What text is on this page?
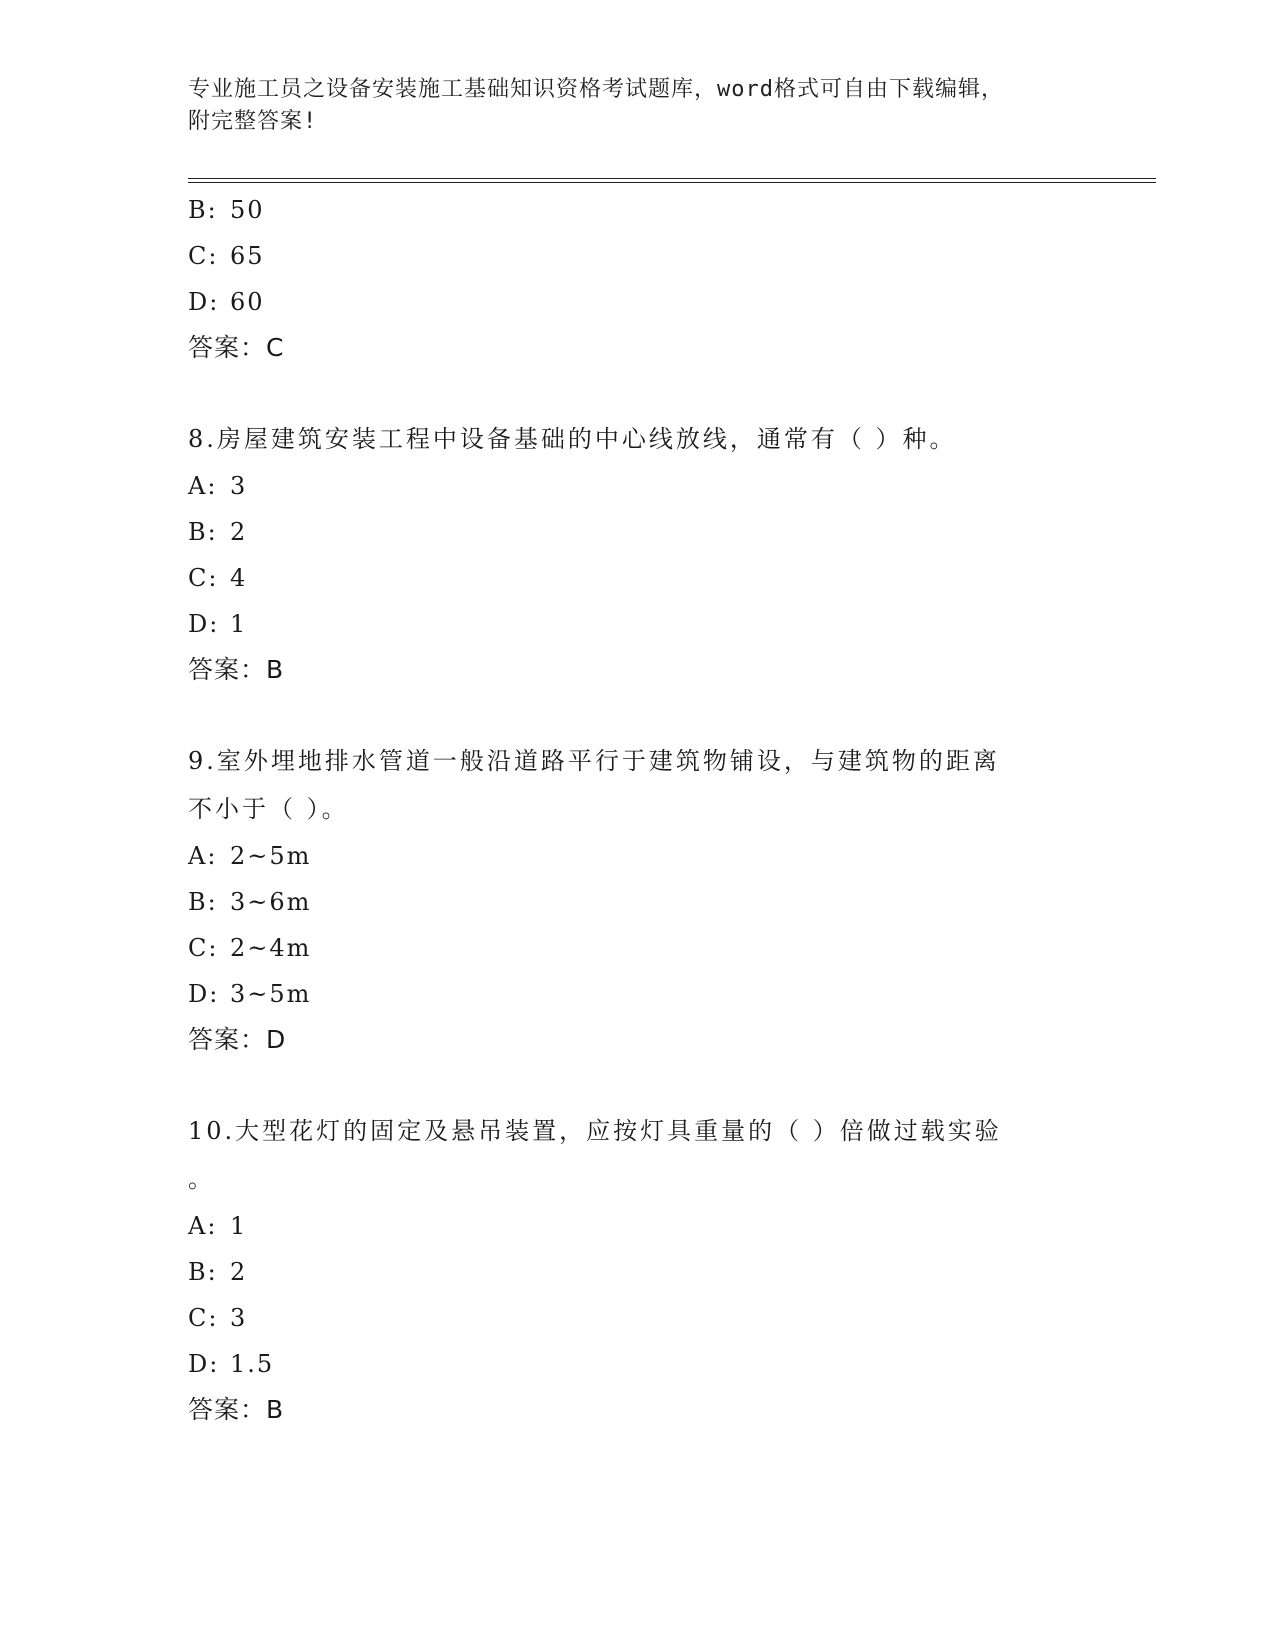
专业施工员之设备安装施工基础知识资格考试题库，word格式可自由下载编辑，
附完整答案!
B: 50
C: 65
D: 60
答案：C
8.房屋建筑安装工程中设备基础的中心线放线，通常有（ ）种。
A: 3
B: 2
C: 4
D: 1
答案：B
9.室外埋地排水管道一般沿道路平行于建筑物铺设，与建筑物的距离
不小于（ ）。
A: 2~5m
B: 3~6m
C: 2~4m
D: 3~5m
答案：D
10.大型花灯的固定及悬吊装置，应按灯具重量的（ ）倍做过载实验
。
A: 1
B: 2
C: 3
D: 1.5
答案：B
